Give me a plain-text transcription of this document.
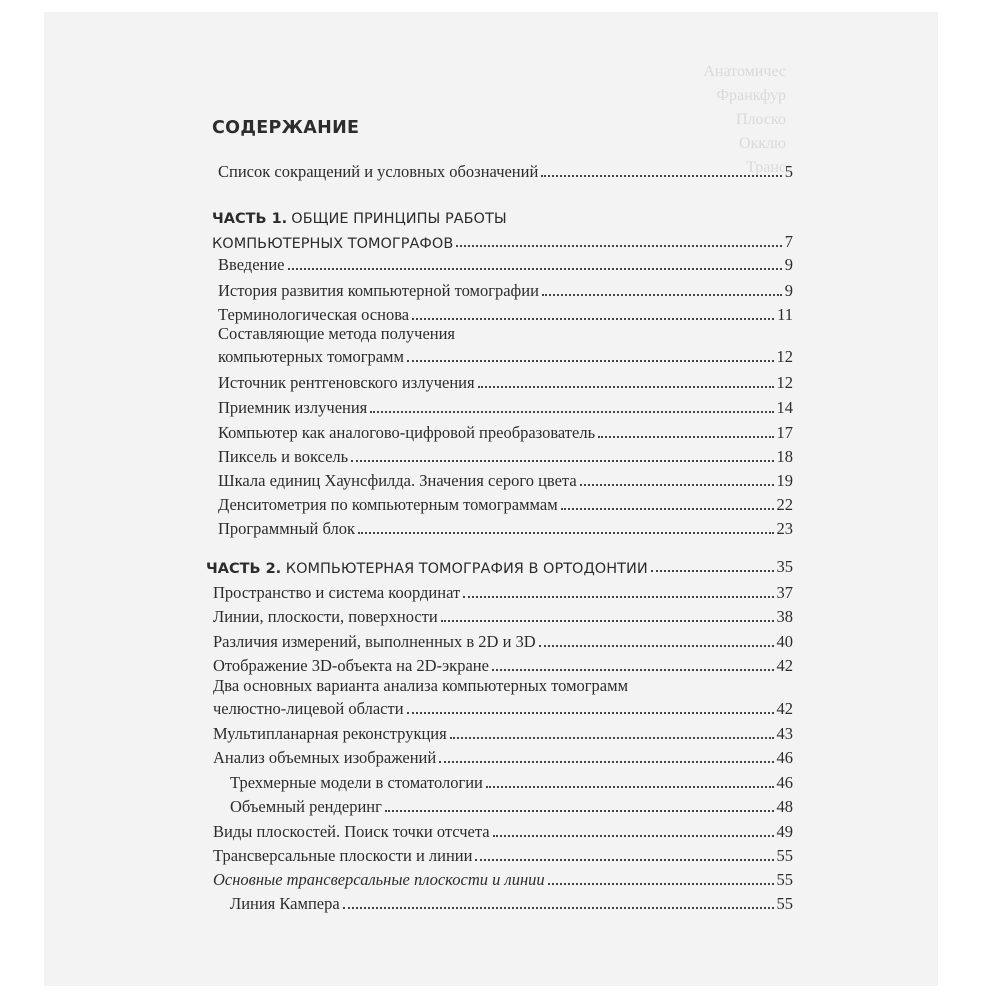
Анатомичес
Франкфур
Плоско
Окклю
Транс
СОДЕРЖАНИЕ
Список сокращений и условных обозначений	5
ЧАСТЬ 1. ОБЩИЕ ПРИНЦИПЫ РАБОТЫ
КОМПЬЮТЕРНЫХ ТОМОГРАФОВ	7
Введение	9
История развития компьютерной томографии	9
Терминологическая основа	11
Составляющие метода получения
компьютерных томограмм	12
Источник рентгеновского излучения	12
Приемник излучения	14
Компьютер как аналогово-цифровой преобразователь	17
Пиксель и воксель	18
Шкала единиц Хаунсфилда. Значения серого цвета	19
Денситометрия по компьютерным томограммам	22
Программный блок	23
ЧАСТЬ 2. КОМПЬЮТЕРНАЯ ТОМОГРАФИЯ В ОРТОДОНТИИ	35
Пространство и система координат	37
Линии, плоскости, поверхности	38
Различия измерений, выполненных в 2D и 3D	40
Отображение 3D-объекта на 2D-экране	42
Два основных варианта анализа компьютерных томограмм
челюстно-лицевой области	42
Мультипланарная реконструкция	43
Анализ объемных изображений	46
Трехмерные модели в стоматологии	46
Объемный рендеринг	48
Виды плоскостей. Поиск точки отсчета	49
Трансверсальные плоскости и линии	55
Основные трансверсальные плоскости и линии	55
Линия Кампера	55
